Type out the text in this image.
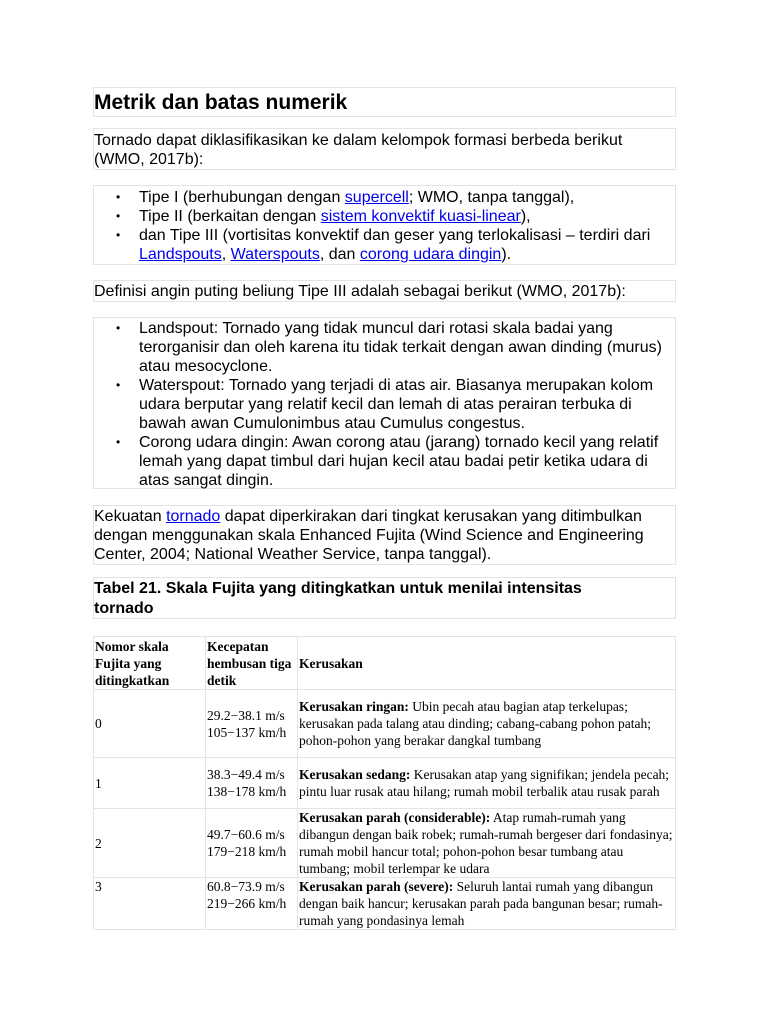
Metrik dan batas numerik

Tornado dapat diklasifikasikan ke dalam kelompok formasi berbeda berikut (WMO, 2017b):

• Tipe I (berhubungan dengan supercell; WMO, tanpa tanggal),
• Tipe II (berkaitan dengan sistem konvektif kuasi-linear),
• dan Tipe III (vortisitas konvektif dan geser yang terlokalisasi – terdiri dari Landspouts, Waterspouts, dan corong udara dingin).

Definisi angin puting beliung Tipe III adalah sebagai berikut (WMO, 2017b):

• Landspout: Tornado yang tidak muncul dari rotasi skala badai yang terorganisir dan oleh karena itu tidak terkait dengan awan dinding (murus) atau mesocyclone.
• Waterspout: Tornado yang terjadi di atas air. Biasanya merupakan kolom udara berputar yang relatif kecil dan lemah di atas perairan terbuka di bawah awan Cumulonimbus atau Cumulus congestus.
• Corong udara dingin: Awan corong atau (jarang) tornado kecil yang relatif lemah yang dapat timbul dari hujan kecil atau badai petir ketika udara di atas sangat dingin.

Kekuatan tornado dapat diperkirakan dari tingkat kerusakan yang ditimbulkan dengan menggunakan skala Enhanced Fujita (Wind Science and Engineering Center, 2004; National Weather Service, tanpa tanggal).

Tabel 21. Skala Fujita yang ditingkatkan untuk menilai intensitas tornado
Nomor skala Fujita yang ditingkatkan	Kecepatan hembusan tiga detik	Kerusakan
0	29.2−38.1 m/s
105−137 km/h	Kerusakan ringan: Ubin pecah atau bagian atap terkelupas; kerusakan pada talang atau dinding; cabang-cabang pohon patah; pohon-pohon yang berakar dangkal tumbang
1	38.3−49.4 m/s
138−178 km/h	Kerusakan sedang: Kerusakan atap yang signifikan; jendela pecah; pintu luar rusak atau hilang; rumah mobil terbalik atau rusak parah
2	49.7−60.6 m/s
179−218 km/h	Kerusakan parah (considerable): Atap rumah-rumah yang dibangun dengan baik robek; rumah-rumah bergeser dari fondasinya; rumah mobil hancur total; pohon-pohon besar tumbang atau tumbang; mobil terlempar ke udara
3	60.8−73.9 m/s
219−266 km/h	Kerusakan parah (severe): Seluruh lantai rumah yang dibangun dengan baik hancur; kerusakan parah pada bangunan besar; rumah-rumah yang pondasinya lemah
